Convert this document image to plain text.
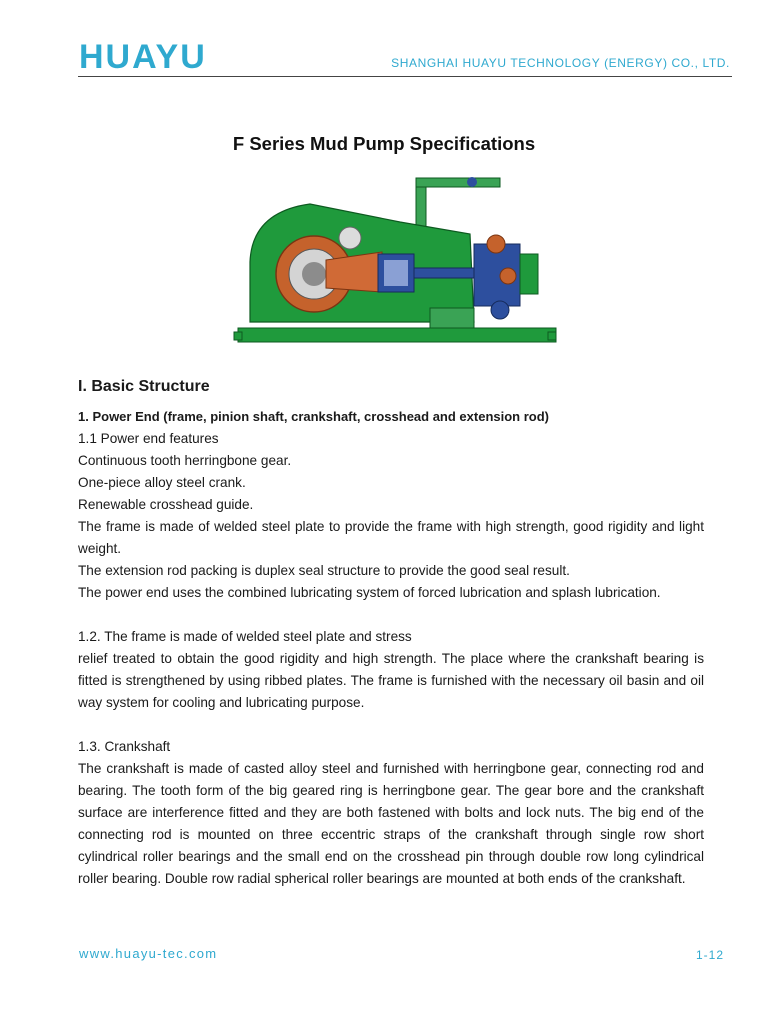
HUAYU	SHANGHAI HUAYU TECHNOLOGY (ENERGY) CO., LTD.
F Series Mud Pump Specifications

I. Basic Structure

1. Power End (frame, pinion shaft, crankshaft, crosshead and extension rod)

1.1 Power end features

Continuous tooth herringbone gear.

One-piece alloy steel crank.

Renewable crosshead guide.

The frame is made of welded steel plate to provide the frame with high strength, good rigidity and light weight.

The extension rod packing is duplex seal structure to provide the good seal result.

The power end uses the combined lubricating system of forced lubrication and splash lubrication.

1.2. The frame is made of welded steel plate and stress

relief treated to obtain the good rigidity and high strength. The place where the crankshaft bearing is fitted is strengthened by using ribbed plates. The frame is furnished with the necessary oil basin and oil way system for cooling and lubricating purpose.

1.3. Crankshaft

The crankshaft is made of casted alloy steel and furnished with herringbone gear, connecting rod and bearing. The tooth form of the big geared ring is herringbone gear. The gear bore and the crankshaft surface are interference fitted and they are both fastened with bolts and lock nuts. The big end of the connecting rod is mounted on three eccentric straps of the crankshaft through single row short cylindrical roller bearings and the small end on the crosshead pin through double row long cylindrical roller bearing. Double row radial spherical roller bearings are mounted at both ends of the crankshaft.

www.huayu-tec.com	1-12
